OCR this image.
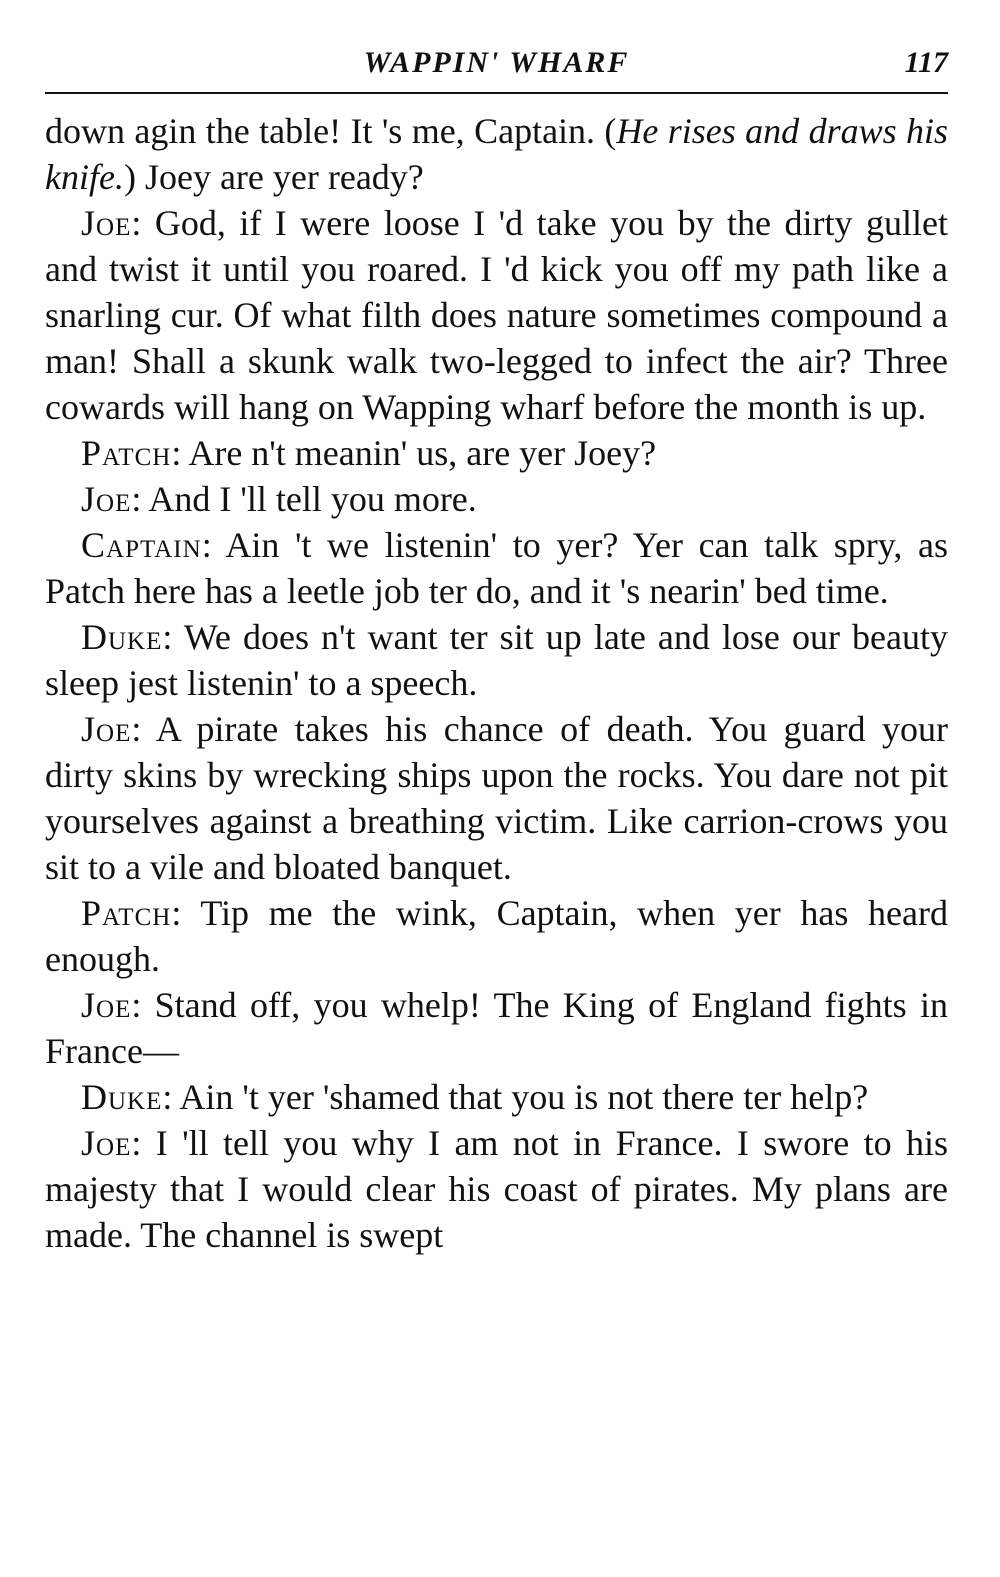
WAPPIN' WHARF	117

down agin the table! It 's me, Captain. (He rises and draws his knife.) Joey are yer ready?

Joe: God, if I were loose I 'd take you by the dirty gullet and twist it until you roared. I 'd kick you off my path like a snarling cur. Of what filth does nature sometimes compound a man! Shall a skunk walk two-legged to infect the air? Three cowards will hang on Wapping wharf before the month is up.

Patch: Are n't meanin' us, are yer Joey?

Joe: And I 'll tell you more.

Captain: Ain 't we listenin' to yer? Yer can talk spry, as Patch here has a leetle job ter do, and it 's nearin' bed time.

Duke: We does n't want ter sit up late and lose our beauty sleep jest listenin' to a speech.

Joe: A pirate takes his chance of death. You guard your dirty skins by wrecking ships upon the rocks. You dare not pit yourselves against a breathing victim. Like carrion-crows you sit to a vile and bloated banquet.

Patch: Tip me the wink, Captain, when yer has heard enough.

Joe: Stand off, you whelp! The King of England fights in France—

Duke: Ain 't yer 'shamed that you is not there ter help?

Joe: I 'll tell you why I am not in France. I swore to his majesty that I would clear his coast of pirates. My plans are made. The channel is swept
